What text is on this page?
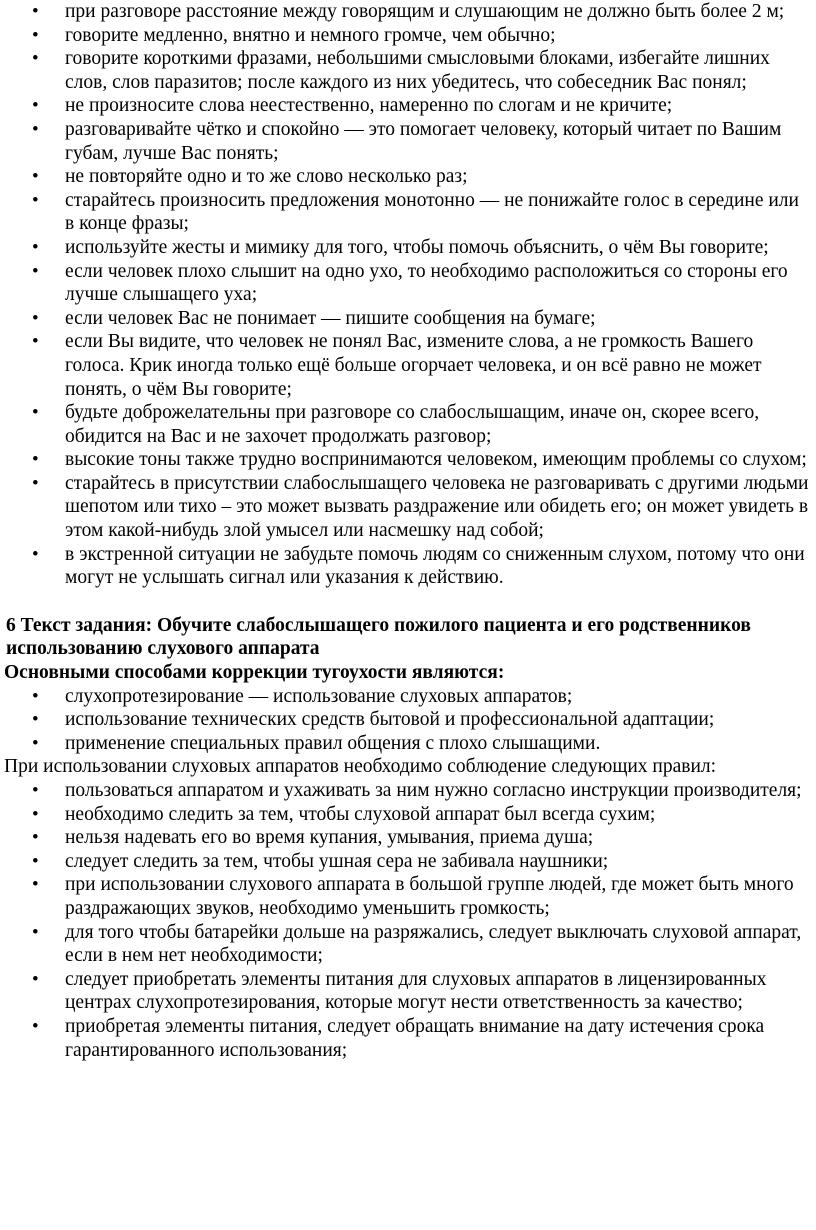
• при разговоре расстояние между говорящим и слушающим не должно быть более 2 м;
• говорите медленно, внятно и немного громче, чем обычно;
• говорите короткими фразами, небольшими смысловыми блоками, избегайте лишних слов, слов паразитов; после каждого из них убедитесь, что собеседник Вас понял;
• не произносите слова неестественно, намеренно по слогам и не кричите;
• разговаривайте чётко и спокойно — это помогает человеку, который читает по Вашим губам, лучше Вас понять;
• не повторяйте одно и то же слово несколько раз;
• старайтесь произносить предложения монотонно — не понижайте голос в середине или в конце фразы;
• используйте жесты и мимику для того, чтобы помочь объяснить, о чём Вы говорите;
• если человек плохо слышит на одно ухо, то необходимо расположиться со стороны его лучше слышащего уха;
• если человек Вас не понимает — пишите сообщения на бумаге;
• если Вы видите, что человек не понял Вас, измените слова, а не громкость Вашего голоса. Крик иногда только ещё больше огорчает человека, и он всё равно не может понять, о чём Вы говорите;
• будьте доброжелательны при разговоре со слабослышащим, иначе он, скорее всего, обидится на Вас и не захочет продолжать разговор;
• высокие тоны также трудно воспринимаются человеком, имеющим проблемы со слухом;
• старайтесь в присутствии слабослышащего человека не разговаривать с другими людьми шепотом или тихо – это может вызвать раздражение или обидеть его; он может увидеть в этом какой-нибудь злой умысел или насмешку над собой;
• в экстренной ситуации не забудьте помочь людям со сниженным слухом, потому что они могут не услышать сигнал или указания к действию.

6 Текст задания: Обучите слабослышащего пожилого пациента и его родственников использованию слухового аппарата

Основными способами коррекции тугоухости являются:

• слухопротезирование — использование слуховых аппаратов;
• использование технических средств бытовой и профессиональной адаптации;
• применение специальных правил общения с плохо слышащими.

При использовании слуховых аппаратов необходимо соблюдение следующих правил:

• пользоваться аппаратом и ухаживать за ним нужно согласно инструкции производителя;
• необходимо следить за тем, чтобы слуховой аппарат был всегда сухим;
• нельзя надевать его во время купания, умывания, приема душа;
• следует следить за тем, чтобы ушная сера не забивала наушники;
• при использовании слухового аппарата в большой группе людей, где может быть много раздражающих звуков, необходимо уменьшить громкость;
• для того чтобы батарейки дольше на разряжались, следует выключать слуховой аппарат, если в нем нет необходимости;
• следует приобретать элементы питания для слуховых аппаратов в лицензированных центрах слухопротезирования, которые могут нести ответственность за качество;
• приобретая элементы питания, следует обращать внимание на дату истечения срока гарантированного использования;
